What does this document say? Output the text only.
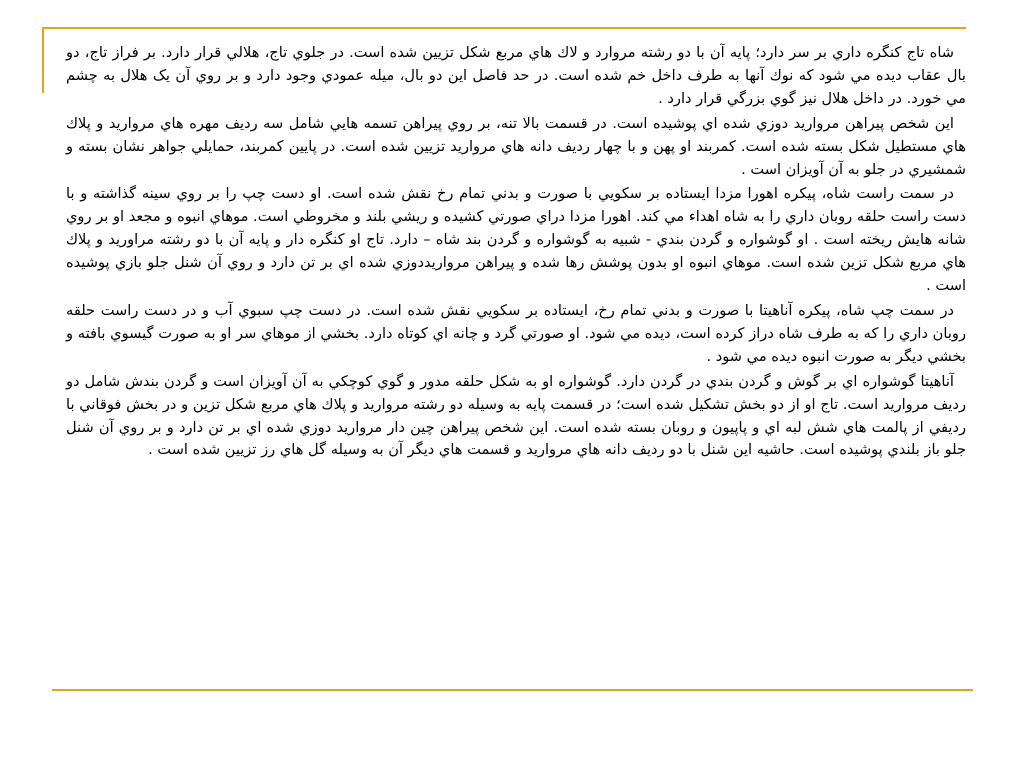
شاه تاج كنگره داري بر سر دارد؛ پايه آن با دو رشته مروارد و لاك هاي مربع شكل تزيين شده است. در جلوي تاج، هلالي قرار دارد. بر فراز تاج، دو بال عقاب ديده مي شود كه نوك آنها به طرف داخل خم شده است. در حد فاصل اين دو بال، ميله عمودي وجود دارد و بر روي آن يک هلال به چشم مي خورد. در داخل هلال نيز گوي بزرگي قرار دارد .

اين شخص پيراهن مرواريد دوزي شده اي پوشيده است. در قسمت بالا تنه، بر روي پيراهن تسمه هايي شامل سه رديف مهره هاي مرواريد و پلاك هاي مستطيل شكل بسته شده است. كمربند او پهن و با چهار رديف دانه هاي مرواريد تزيين شده است. در پايين كمربند، حمايلي جواهر نشان بسته و شمشيري در جلو به آن آويزان است .

در سمت راست شاه، پيكره اهورا مزدا ايستاده بر سكويي با صورت و بدني تمام رخ نقش شده است. او دست چپ را بر روي سينه گذاشته و با دست راست حلقه روبان داري را به شاه اهداء مي كند. اهورا مزدا دراي صورتي كشيده و ريشي بلند و مخروطي است. موهاي انبوه و مجعد او بر روي شانه هايش ريخته است . او گوشواره و گردن بندي - شبيه به گوشواره و گردن بند شاه – دارد. تاج او كنگره دار و پايه آن با دو رشته مراوريد و پلاك هاي مربع شكل تزين شده است. موهاي انبوه او بدون پوشش رها شده و پيراهن مرواريددوزي شده اي بر تن دارد و روي آن شنل جلو بازي پوشيده است .

در سمت چپ شاه، پيكره آناهيتا با صورت و بدني تمام رخ، ايستاده بر سكويي نقش شده است. در دست چپ سبوي آب و در دست راست حلقه روبان داري را كه به طرف شاه دراز كرده است، ديده مي شود. او صورتي گرد و چانه اي كوتاه دارد. بخشي از موهاي سر او به صورت گيسوي بافته و بخشي ديگر به صورت انبوه ديده مي شود .

آناهيتا گوشواره اي بر گوش و گردن بندي در گردن دارد. گوشواره او به شكل حلقه مدور و گوي كوچكي به آن آويزان است و گردن بندش شامل دو رديف مرواريد است. تاج او از دو بخش تشكيل شده است؛ در قسمت پايه به وسيله دو رشته مرواريد و پلاك هاي مربع شكل تزين و در بخش فوقاني با رديفي از پالمت هاي شش لبه اي و پاپيون و روبان بسته شده است. اين شخص پيراهن چين دار مرواريد دوزي شده اي بر تن دارد و بر روي آن شنل جلو باز بلندي پوشيده است. حاشيه اين شنل با دو رديف دانه هاي مرواريد و قسمت هاي ديگر آن به وسيله گل هاي رز تزيين شده است .
